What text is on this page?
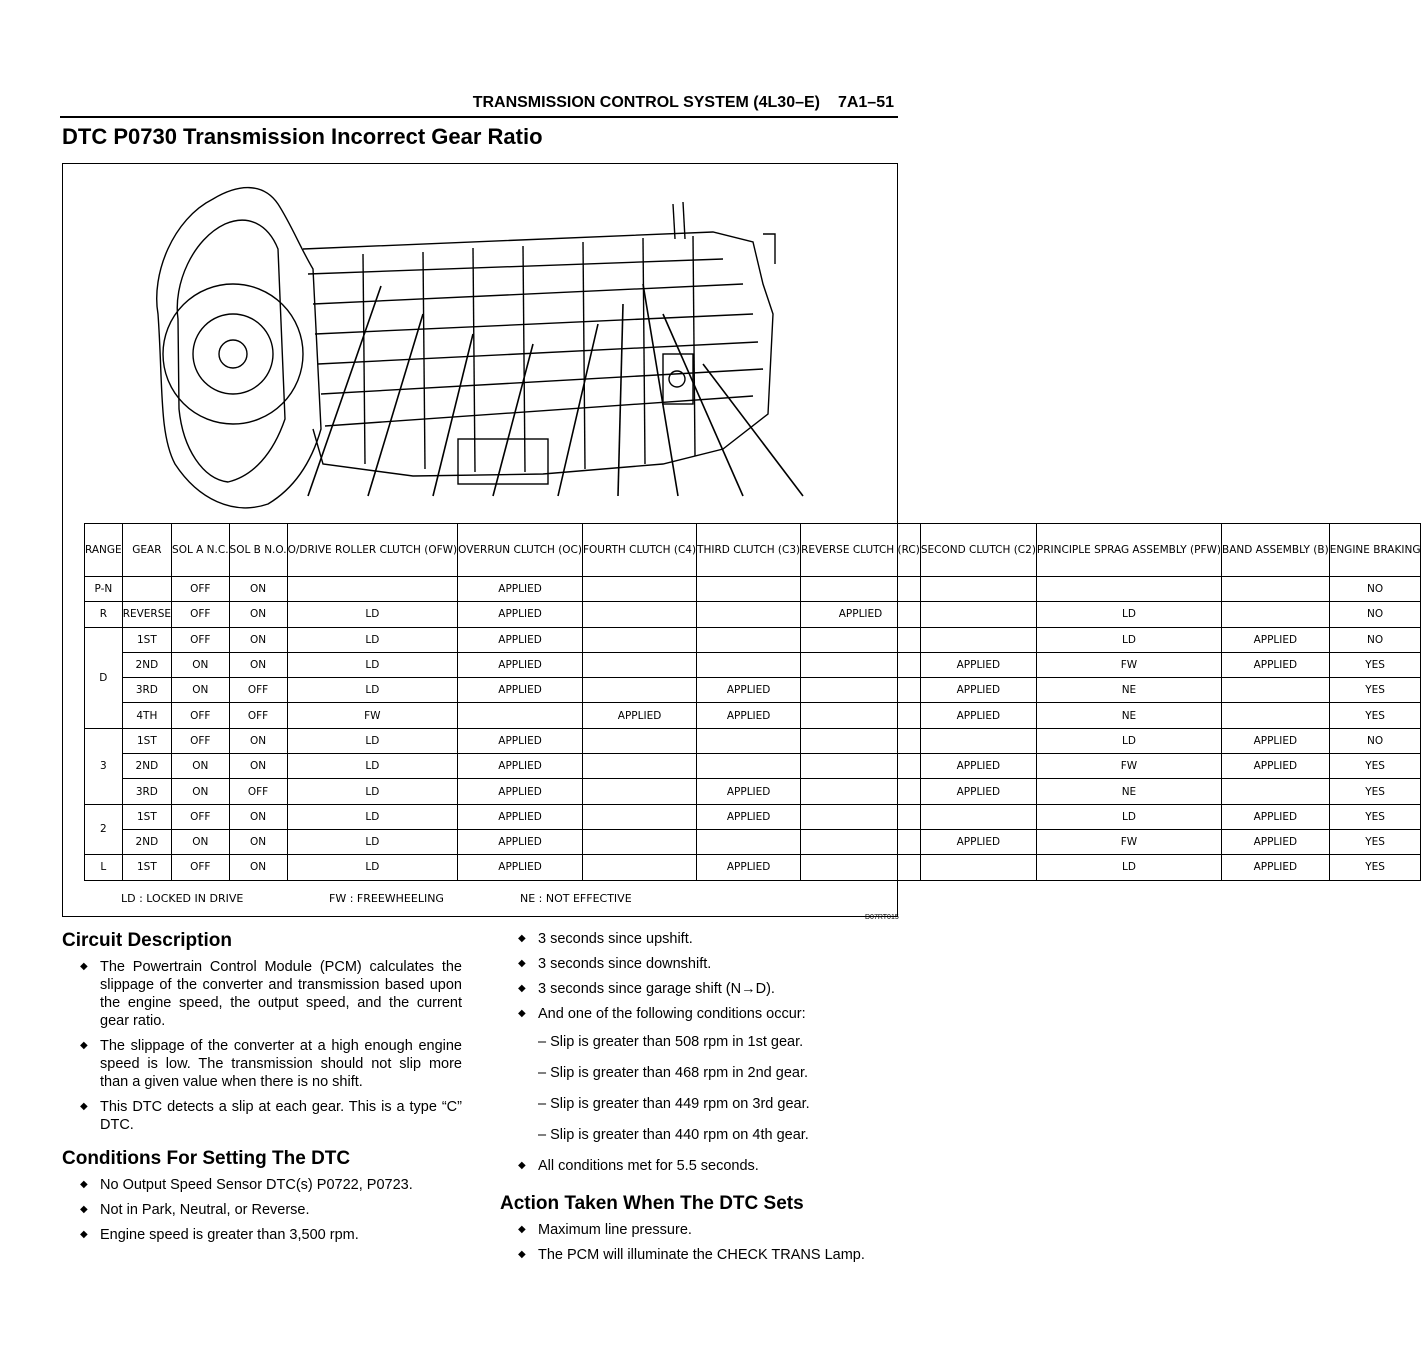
TRANSMISSION CONTROL SYSTEM (4L30–E) 7A1–51
DTC P0730 Transmission Incorrect Gear Ratio
RANGE	GEAR	SOL A N.C.	SOL B N.O.	O/DRIVE ROLLER CLUTCH (OFW)	OVERRUN CLUTCH (OC)	FOURTH CLUTCH (C4)	THIRD CLUTCH (C3)	REVERSE CLUTCH (RC)	SECOND CLUTCH (C2)	PRINCIPLE SPRAG ASSEMBLY (PFW)	BAND ASSEMBLY (B)	ENGINE BRAKING
P-N		OFF	ON		APPLIED							NO
R	REVERSE	OFF	ON	LD	APPLIED			APPLIED		LD		NO
D	1ST	OFF	ON	LD	APPLIED					LD	APPLIED	NO
	2ND	ON	ON	LD	APPLIED				APPLIED	FW	APPLIED	YES
	3RD	ON	OFF	LD	APPLIED		APPLIED		APPLIED	NE		YES
	4TH	OFF	OFF	FW		APPLIED	APPLIED		APPLIED	NE		YES
3	1ST	OFF	ON	LD	APPLIED					LD	APPLIED	NO
	2ND	ON	ON	LD	APPLIED				APPLIED	FW	APPLIED	YES
	3RD	ON	OFF	LD	APPLIED		APPLIED		APPLIED	NE		YES
2	1ST	OFF	ON	LD	APPLIED		APPLIED			LD	APPLIED	YES
	2ND	ON	ON	LD	APPLIED				APPLIED	FW	APPLIED	YES
L	1ST	OFF	ON	LD	APPLIED		APPLIED			LD	APPLIED	YES
LD : LOCKED IN DRIVE	FW : FREEWHEELING	NE : NOT EFFECTIVE
D07RT015
Circuit Description
◆ The Powertrain Control Module (PCM) calculates the slippage of the converter and transmission based upon the engine speed, the output speed, and the current gear ratio.
◆ The slippage of the converter at a high enough engine speed is low. The transmission should not slip more than a given value when there is no shift.
◆ This DTC detects a slip at each gear. This is a type “C” DTC.
Conditions For Setting The DTC
◆ No Output Speed Sensor DTC(s) P0722, P0723.
◆ Not in Park, Neutral, or Reverse.
◆ Engine speed is greater than 3,500 rpm.
◆ 3 seconds since upshift.
◆ 3 seconds since downshift.
◆ 3 seconds since garage shift (N→D).
◆ And one of the following conditions occur:
– Slip is greater than 508 rpm in 1st gear.
– Slip is greater than 468 rpm in 2nd gear.
– Slip is greater than 449 rpm on 3rd gear.
– Slip is greater than 440 rpm on 4th gear.
◆ All conditions met for 5.5 seconds.
Action Taken When The DTC Sets
◆ Maximum line pressure.
◆ The PCM will illuminate the CHECK TRANS Lamp.
